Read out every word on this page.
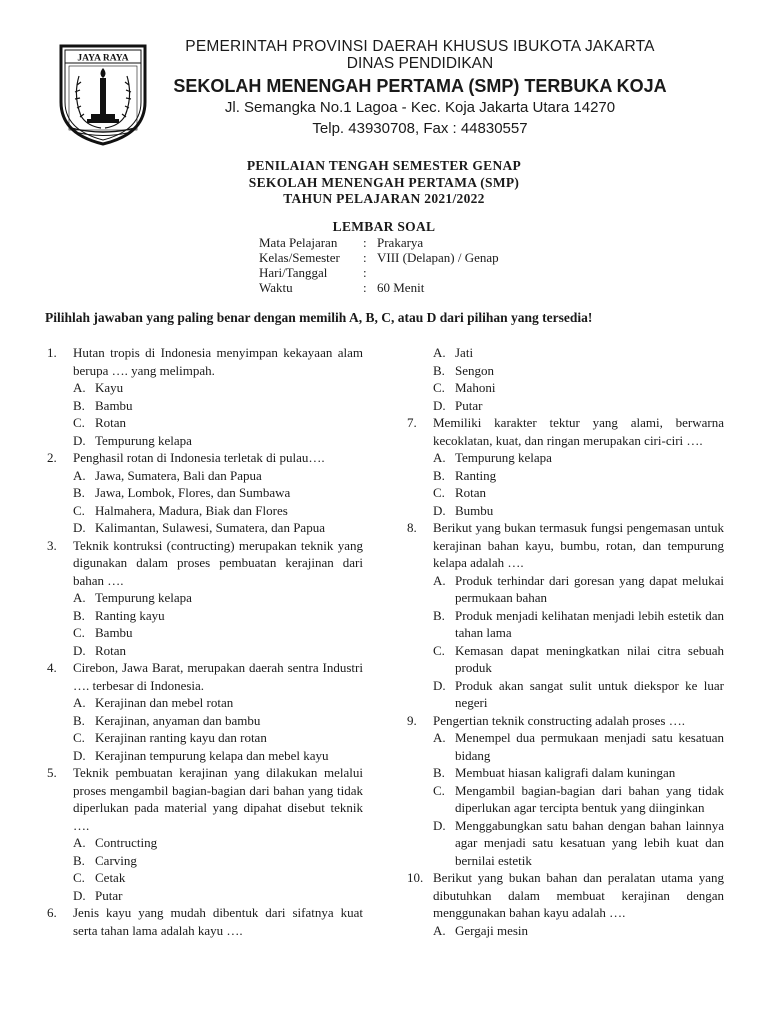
JAYA RAYA
PEMERINTAH PROVINSI DAERAH KHUSUS IBUKOTA JAKARTA
DINAS PENDIDIKAN
SEKOLAH MENENGAH PERTAMA (SMP) TERBUKA KOJA
Jl. Semangka No.1 Lagoa - Kec. Koja Jakarta Utara 14270
Telp. 43930708, Fax : 44830557
PENILAIAN TENGAH SEMESTER GENAP
SEKOLAH MENENGAH PERTAMA (SMP)
TAHUN PELAJARAN 2021/2022
LEMBAR SOAL
Mata Pelajaran	: Prakarya
Kelas/Semester	: VIII (Delapan) / Genap
Hari/Tanggal	:
Waktu	: 60 Menit
Pilihlah jawaban yang paling benar dengan memilih A, B, C, atau D dari pilihan yang tersedia!
1.	Hutan tropis di Indonesia menyimpan kekayaan alam berupa …. yang melimpah.
A. Kayu
B. Bambu
C. Rotan
D. Tempurung kelapa
2.	Penghasil rotan di Indonesia terletak di pulau….
A. Jawa, Sumatera, Bali dan Papua
B. Jawa, Lombok, Flores, dan Sumbawa
C. Halmahera, Madura, Biak dan Flores
D. Kalimantan, Sulawesi, Sumatera, dan Papua
3.	Teknik kontruksi (contructing) merupakan teknik yang digunakan dalam proses pembuatan kerajinan dari bahan ….
A. Tempurung kelapa
B. Ranting kayu
C. Bambu
D. Rotan
4.	Cirebon, Jawa Barat, merupakan daerah sentra Industri …. terbesar di Indonesia.
A. Kerajinan dan mebel rotan
B. Kerajinan, anyaman dan bambu
C. Kerajinan ranting kayu dan rotan
D. Kerajinan tempurung kelapa dan mebel kayu
5.	Teknik pembuatan kerajinan yang dilakukan melalui proses mengambil bagian-bagian dari bahan yang tidak diperlukan pada material yang dipahat disebut teknik ….
A. Contructing
B. Carving
C. Cetak
D. Putar
6.	Jenis kayu yang mudah dibentuk dari sifatnya kuat serta tahan lama adalah kayu ….
A. Jati
B. Sengon
C. Mahoni
D. Putar
7.	Memiliki karakter tektur yang alami, berwarna kecoklatan, kuat, dan ringan merupakan ciri-ciri ….
A. Tempurung kelapa
B. Ranting
C. Rotan
D. Bumbu
8.	Berikut yang bukan termasuk fungsi pengemasan untuk kerajinan bahan kayu, bumbu, rotan, dan tempurung kelapa adalah ….
A. Produk terhindar dari goresan yang dapat melukai permukaan bahan
B. Produk menjadi kelihatan menjadi lebih estetik dan tahan lama
C. Kemasan dapat meningkatkan nilai citra sebuah produk
D. Produk akan sangat sulit untuk diekspor ke luar negeri
9.	Pengertian teknik constructing adalah proses ….
A. Menempel dua permukaan menjadi satu kesatuan bidang
B. Membuat hiasan kaligrafi dalam kuningan
C. Mengambil bagian-bagian dari bahan yang tidak diperlukan agar tercipta bentuk yang diinginkan
D. Menggabungkan satu bahan dengan bahan lainnya agar menjadi satu kesatuan yang lebih kuat dan bernilai estetik
10. Berikut yang bukan bahan dan peralatan utama yang dibutuhkan dalam membuat kerajinan dengan menggunakan bahan kayu adalah ….
A. Gergaji mesin
